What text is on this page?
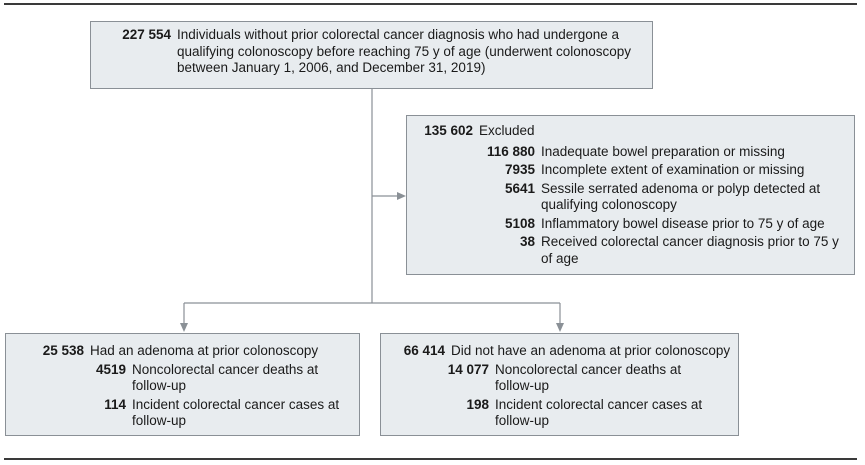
227 554 Individuals without prior colorectal cancer diagnosis who had undergone a qualifying colonoscopy before reaching 75 y of age (underwent colonoscopy between January 1, 2006, and December 31, 2019)
135 602 Excluded
116 880 Inadequate bowel preparation or missing
7935 Incomplete extent of examination or missing
5641 Sessile serrated adenoma or polyp detected at qualifying colonoscopy
5108 Inflammatory bowel disease prior to 75 y of age
38 Received colorectal cancer diagnosis prior to 75 y of age
25 538 Had an adenoma at prior colonoscopy
4519 Noncolorectal cancer deaths at follow-up
114 Incident colorectal cancer cases at follow-up
66 414 Did not have an adenoma at prior colonoscopy
14 077 Noncolorectal cancer deaths at follow-up
198 Incident colorectal cancer cases at follow-up
